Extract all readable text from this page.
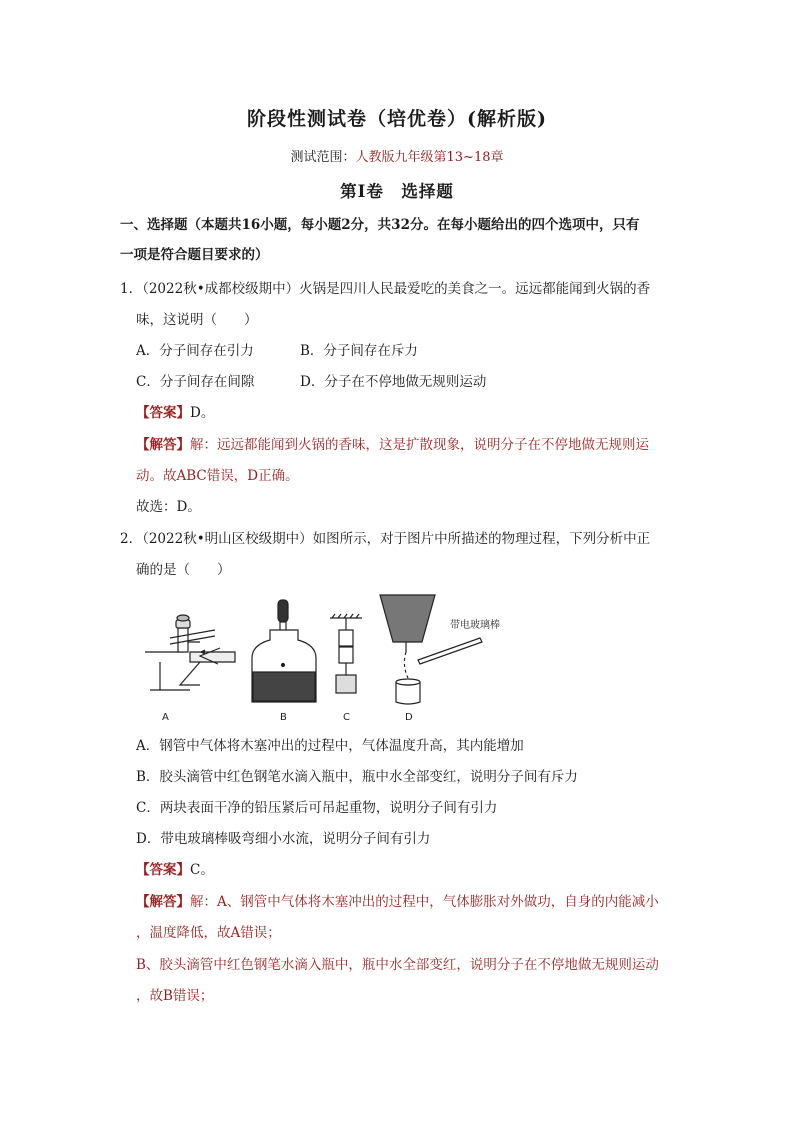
阶段性测试卷（培优卷）(解析版)
测试范围：人教版九年级第13~18章
第Ⅰ卷　选择题
一、选择题（本题共16小题，每小题2分，共32分。在每小题给出的四个选项中，只有
一项是符合题目要求的）
1．（2022秋•成都校级期中）火锅是四川人民最爱吃的美食之一。远远都能闻到火锅的香
味，这说明（　　）
A．分子间存在引力	B．分子间存在斥力
C．分子间存在间隙	D．分子在不停地做无规则运动
【答案】D。
【解答】解：远远都能闻到火锅的香味，这是扩散现象，说明分子在不停地做无规则运
动。故ABC错误，D正确。
故选：D。
2．（2022秋•明山区校级期中）如图所示，对于图片中所描述的物理过程，下列分析中正
确的是（　　）
A	B	C
带电玻璃棒
D
A．钢管中气体将木塞冲出的过程中，气体温度升高，其内能增加
B．胶头滴管中红色钢笔水滴入瓶中，瓶中水全部变红，说明分子间有斥力
C．两块表面干净的铅压紧后可吊起重物，说明分子间有引力
D．带电玻璃棒吸弯细小水流，说明分子间有引力
【答案】C。
【解答】解：A、钢管中气体将木塞冲出的过程中，气体膨胀对外做功，自身的内能减小
，温度降低，故A错误；
B、胶头滴管中红色钢笔水滴入瓶中，瓶中水全部变红，说明分子在不停地做无规则运动
，故B错误；
